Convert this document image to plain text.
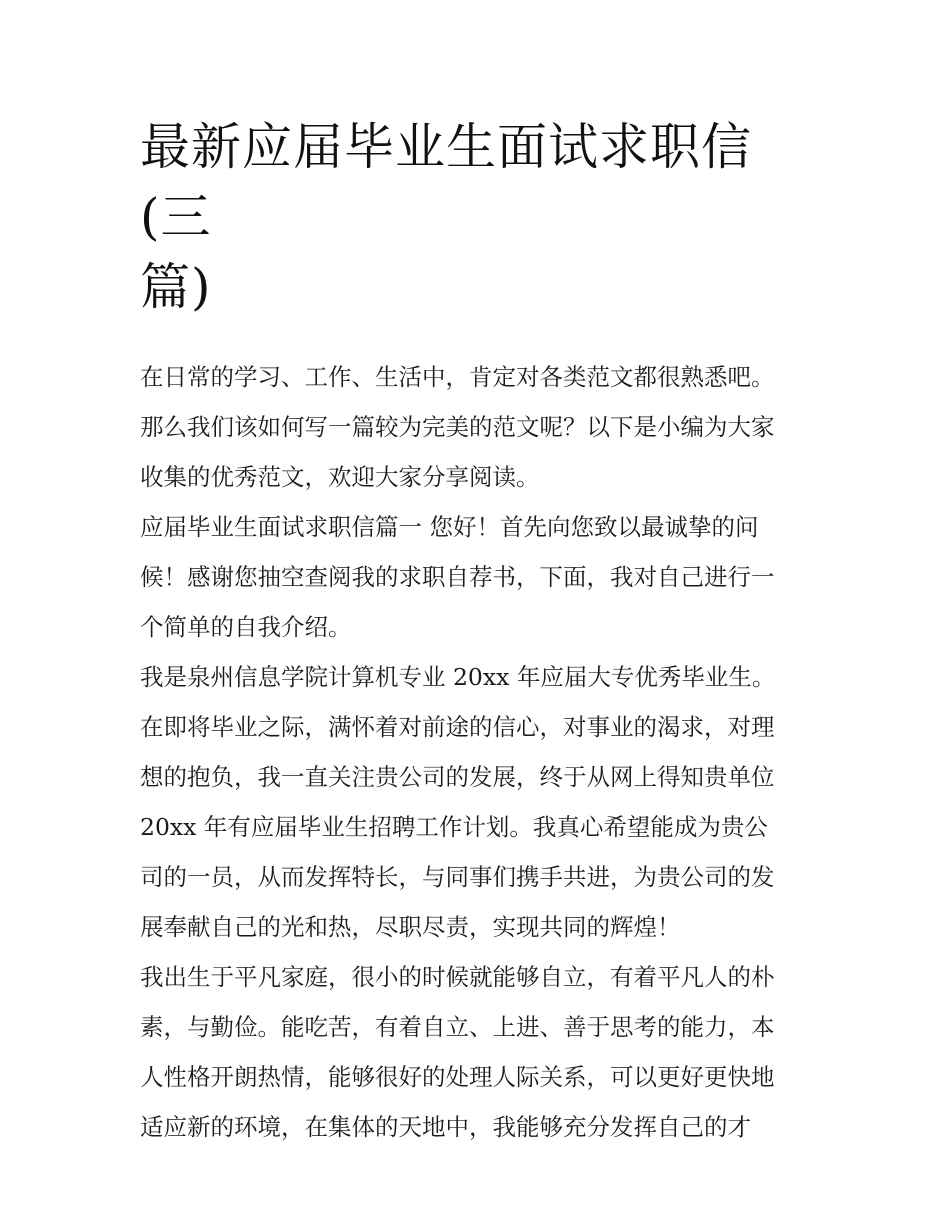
最新应届毕业生面试求职信(三
篇)
在日常的学习、工作、生活中，肯定对各类范文都很熟悉吧。
那么我们该如何写一篇较为完美的范文呢？以下是小编为大家
收集的优秀范文，欢迎大家分享阅读。
应届毕业生面试求职信篇一 您好！首先向您致以最诚挚的问
候！感谢您抽空查阅我的求职自荐书，下面，我对自己进行一
个简单的自我介绍。
我是泉州信息学院计算机专业 20xx 年应届大专优秀毕业生。
在即将毕业之际，满怀着对前途的信心，对事业的渴求，对理
想的抱负，我一直关注贵公司的发展，终于从网上得知贵单位
20xx 年有应届毕业生招聘工作计划。我真心希望能成为贵公
司的一员，从而发挥特长，与同事们携手共进，为贵公司的发
展奉献自己的光和热，尽职尽责，实现共同的辉煌！
我出生于平凡家庭，很小的时候就能够自立，有着平凡人的朴
素，与勤俭。能吃苦，有着自立、上进、善于思考的能力，本
人性格开朗热情，能够很好的处理人际关系，可以更好更快地
适应新的环境，在集体的天地中，我能够充分发挥自己的才
